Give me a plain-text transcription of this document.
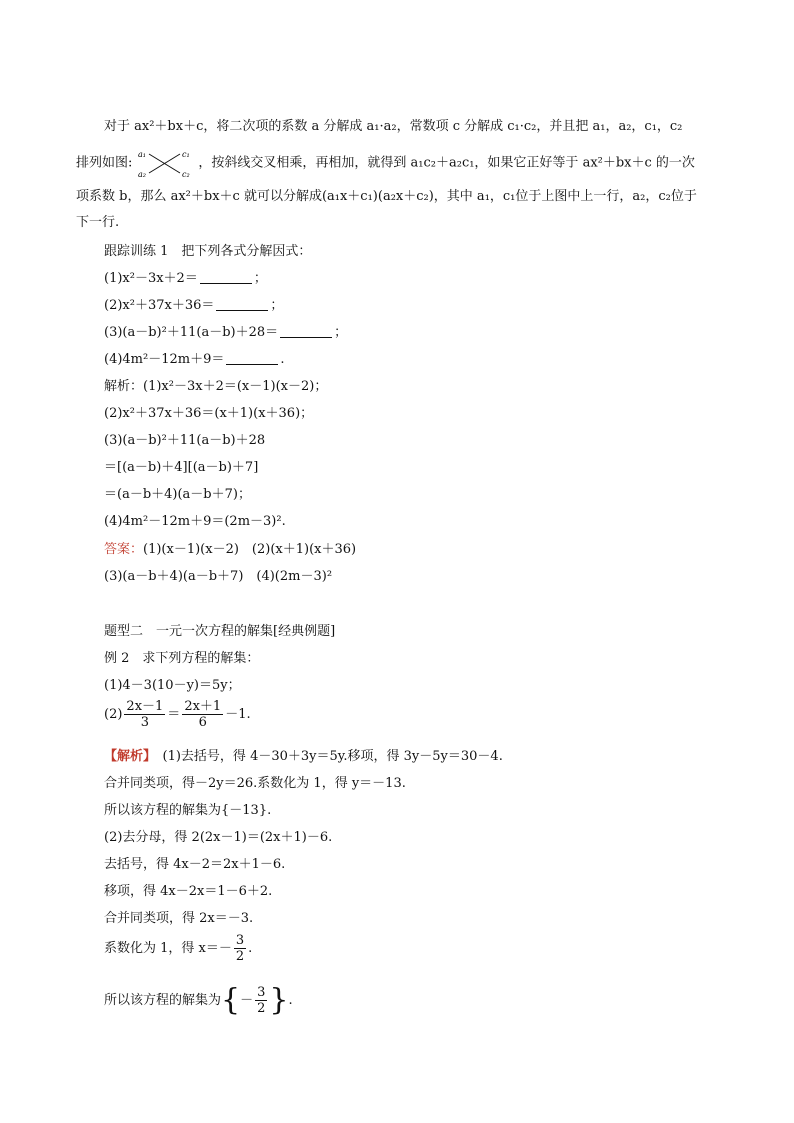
对于 ax²＋bx＋c，将二次项的系数 a 分解成 a₁·a₂，常数项 c 分解成 c₁·c₂，并且把 a₁，a₂，c₁，c₂
排列如图:
a₁	c₁
a₂	c₂
，按斜线交叉相乘，再相加，就得到 a₁c₂＋a₂c₁，如果它正好等于 ax²＋bx＋c 的一次
项系数 b，那么 ax²＋bx＋c 就可以分解成(a₁x＋c₁)(a₂x＋c₂)，其中 a₁，c₁位于上图中上一行，a₂，c₂位于
下一行.
跟踪训练 1　把下列各式分解因式：
(1)x²－3x＋2＝	；
(2)x²＋37x＋36＝	；
(3)(a－b)²＋11(a－b)＋28＝	；
(4)4m²－12m＋9＝	.
解析：(1)x²－3x＋2＝(x－1)(x－2)；
(2)x²＋37x＋36＝(x＋1)(x＋36)；
(3)(a－b)²＋11(a－b)＋28
＝[(a－b)＋4][(a－b)＋7]
＝(a－b＋4)(a－b＋7)；
(4)4m²－12m＋9＝(2m－3)².
答案：(1)(x－1)(x－2)　(2)(x＋1)(x＋36)
(3)(a－b＋4)(a－b＋7)　(4)(2m－3)²
题型二　一元一次方程的解集[经典例题]
例 2　求下列方程的解集：
(1)4－3(10－y)＝5y；
$(2) \frac{2x-1}{3} = \frac{2x+1}{6} -1$.
【解析】　(1)去括号，得 4－30＋3y＝5y.移项，得 3y－5y＝30－4.
合并同类项，得－2y＝26.系数化为 1，得 y＝－13.
所以该方程的解集为{－13}.
(2)去分母，得 2(2x－1)＝(2x＋1)－6.
去括号，得 4x－2＝2x＋1－6.
移项，得 4x－2x＝1－6＋2.
合并同类项，得 2x＝－3.
系数化为 1，得 $x=- \frac{3}{2}$ .
所以该方程的解集为{－ $\frac{3}{2}$ }.
